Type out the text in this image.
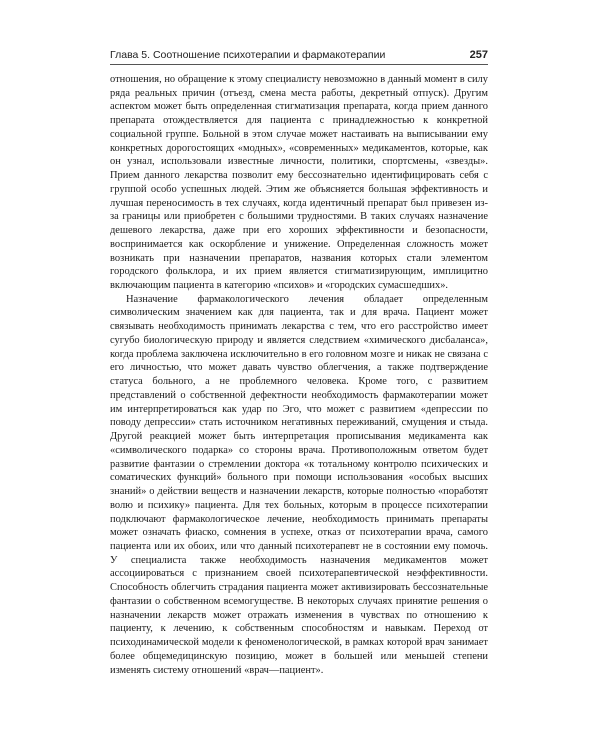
Глава 5. Соотношение психотерапии и фармакотерапии	257

отношения, но обращение к этому специалисту невозможно в данный момент в силу ряда реальных причин (отъезд, смена места работы, декретный отпуск). Другим аспектом может быть определенная стигматизация препарата, когда прием данного препарата отождествляется для пациента с принадлежностью к конкретной социальной группе. Больной в этом случае может настаивать на выписывании ему конкретных дорогостоящих «модных», «современных» медикаментов, которые, как он узнал, использовали известные личности, политики, спортсмены, «звезды». Прием данного лекарства позволит ему бессознательно идентифицировать себя с группой особо успешных людей. Этим же объясняется большая эффективность и лучшая переносимость в тех случаях, когда идентичный препарат был привезен из-за границы или приобретен с большими трудностями. В таких случаях назначение дешевого лекарства, даже при его хороших эффективности и безопасности, воспринимается как оскорбление и унижение. Определенная сложность может возникать при назначении препаратов, названия которых стали элементом городского фольклора, и их прием является стигматизирующим, имплицитно включающим пациента в категорию «психов» и «городских сумасшедших».

Назначение фармакологического лечения обладает определенным символическим значением как для пациента, так и для врача. Пациент может связывать необходимость принимать лекарства с тем, что его расстройство имеет сугубо биологическую природу и является следствием «химического дисбаланса», когда проблема заключена исключительно в его головном мозге и никак не связана с его личностью, что может давать чувство облегчения, а также подтверждение статуса больного, а не проблемного человека. Кроме того, с развитием представлений о собственной дефектности необходимость фармакотерапии может им интерпретироваться как удар по Эго, что может с развитием «депрессии по поводу депрессии» стать источником негативных переживаний, смущения и стыда. Другой реакцией может быть интерпретация прописывания медикамента как «символического подарка» со стороны врача. Противоположным ответом будет развитие фантазии о стремлении доктора «к тотальному контролю психических и соматических функций» больного при помощи использования «особых высших знаний» о действии веществ и назначении лекарств, которые полностью «поработят волю и психику» пациента. Для тех больных, которым в процессе психотерапии подключают фармакологическое лечение, необходимость принимать препараты может означать фиаско, сомнения в успехе, отказ от психотерапии врача, самого пациента или их обоих, или что данный психотерапевт не в состоянии ему помочь. У специалиста также необходимость назначения медикаментов может ассоциироваться с признанием своей психотерапевтической неэффективности. Способность облегчить страдания пациента может активизировать бессознательные фантазии о собственном всемогуществе. В некоторых случаях принятие решения о назначении лекарств может отражать изменения в чувствах по отношению к пациенту, к лечению, к собственным способностям и навыкам. Переход от психодинамической модели к феноменологической, в рамках которой врач занимает более общемедицинскую позицию, может в большей или меньшей степени изменять систему отношений «врач—пациент».
